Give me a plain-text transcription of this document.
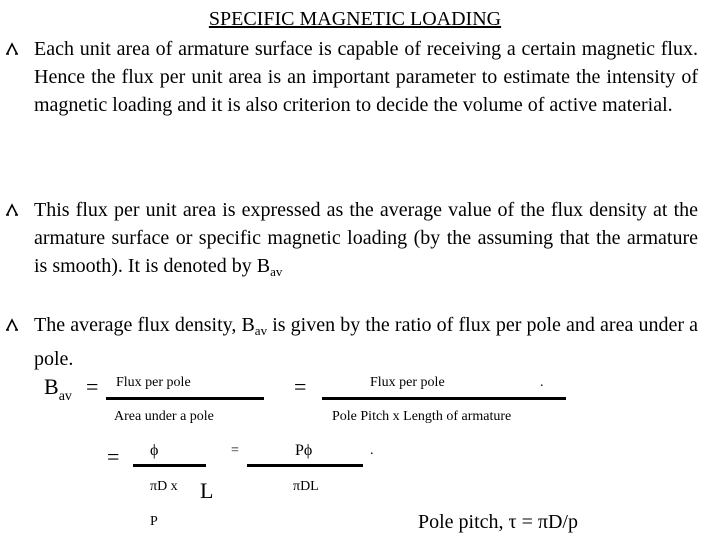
SPECIFIC MAGNETIC LOADING
Each unit area of armature surface is capable of receiving a certain magnetic flux. Hence the flux per unit area is an important parameter to estimate the intensity of magnetic loading and it is also criterion to decide the volume of active material.
This flux per unit area is expressed as the average value of the flux density at the armature surface or specific magnetic loading (by the assuming that the armature is smooth). It is denoted by $B_{av}$
The average flux density, $B_{av}$ is given by the ratio of flux per pole and area under a pole.
$B_{av}$ = Flux per pole
Area under a pole
=	Flux per pole	.
Pole Pitch x Length of armature
= ϕ
πD x L
P
=	Pϕ	.
πDL
Pole pitch, τ = πD/p
